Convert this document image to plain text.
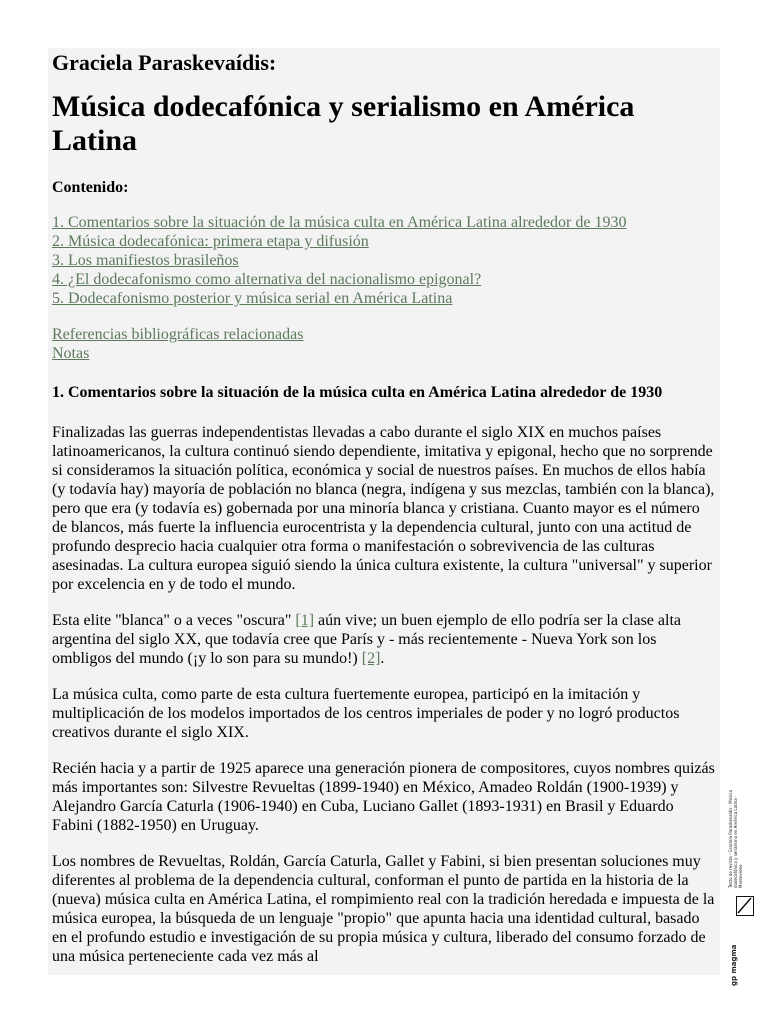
Graciela Paraskevaídis:
Música dodecafónica y serialismo en América Latina
Contenido:
1. Comentarios sobre la situación de la música culta en América Latina alrededor de 1930
2. Música dodecafónica: primera etapa y difusión
3. Los manifiestos brasileños
4. ¿El dodecafonismo como alternativa del nacionalismo epigonal?
5. Dodecafonismo posterior y música serial en América Latina
Referencias bibliográficas relacionadas
Notas
1. Comentarios sobre la situación de la música culta en América Latina alrededor de 1930

Finalizadas las guerras independentistas llevadas a cabo durante el siglo XIX en muchos países latinoamericanos, la cultura continuó siendo dependiente, imitativa y epigonal, hecho que no sorprende si consideramos la situación política, económica y social de nuestros países. En muchos de ellos había (y todavía hay) mayoría de población no blanca (negra, indígena y sus mezclas, también con la blanca), pero que era (y todavía es) gobernada por una minoría blanca y cristiana. Cuanto mayor es el número de blancos, más fuerte la influencia eurocentrista y la dependencia cultural, junto con una actitud de profundo desprecio hacia cualquier otra forma o manifestación o sobrevivencia de las culturas asesinadas. La cultura europea siguió siendo la única cultura existente, la cultura "universal" y superior por excelencia en y de todo el mundo.

Esta elite "blanca" o a veces "oscura" [1] aún vive; un buen ejemplo de ello podría ser la clase alta argentina del siglo XX, que todavía cree que París y - más recientemente - Nueva York son los ombligos del mundo (¡y lo son para su mundo!) [2].

La música culta, como parte de esta cultura fuertemente europea, participó en la imitación y multiplicación de los modelos importados de los centros imperiales de poder y no logró productos creativos durante el siglo XIX.

Recién hacia y a partir de 1925 aparece una generación pionera de compositores, cuyos nombres quizás más importantes son: Silvestre Revueltas (1899-1940) en México, Amadeo Roldán (1900-1939) y Alejandro García Caturla (1906-1940) en Cuba, Luciano Gallet (1893-1931) en Brasil y Eduardo Fabini (1882-1950) en Uruguay.

Los nombres de Revueltas, Roldán, García Caturla, Gallet y Fabini, si bien presentan soluciones muy diferentes al problema de la dependencia cultural, conforman el punto de partida en la historia de la (nueva) música culta en América Latina, el rompimiento real con la tradición heredada e impuesta de la música europea, la búsqueda de un lenguaje "propio" que apunta hacia una identidad cultural, basado en el profundo estudio e investigación de su propia música y cultura, liberado del consumo forzado de una música perteneciente cada vez más al

Texto de revista · Graciela Paraskevaídis · Música dodecafónica y serialismo en América Latina · Montevideo
gp magma
